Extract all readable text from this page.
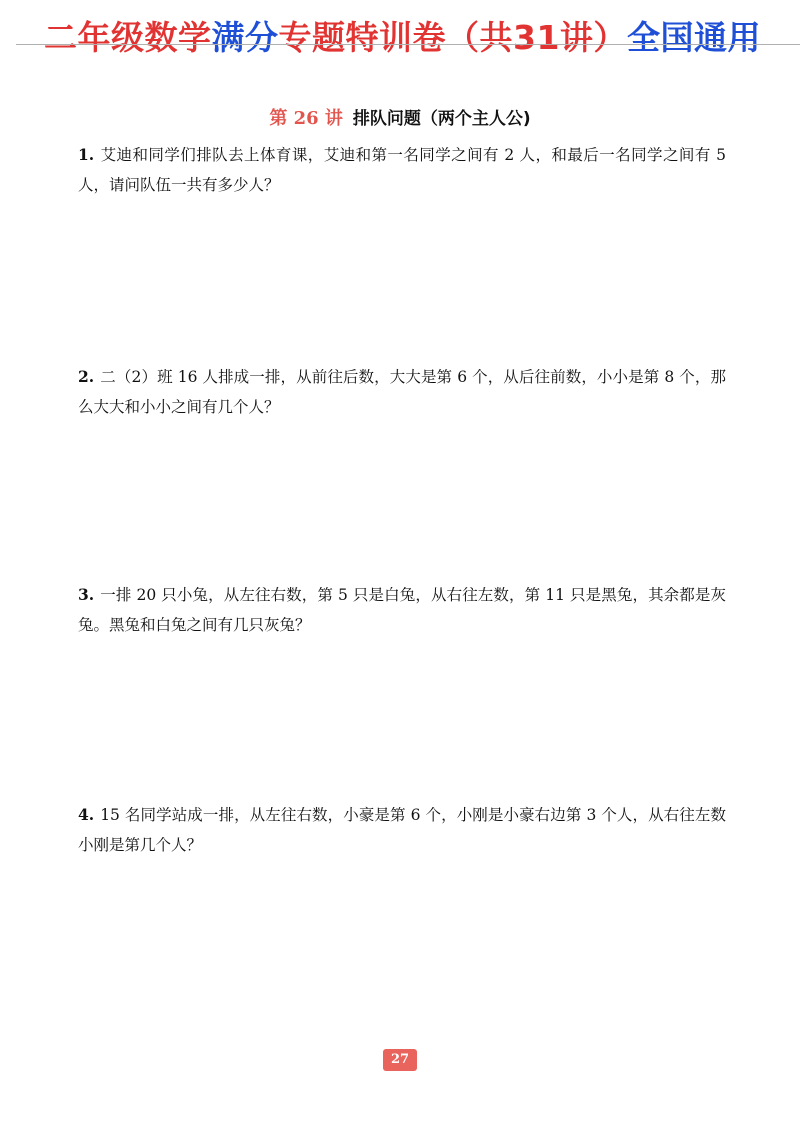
二年级数学满分专题特训卷（共31讲）全国通用
第 26 讲 排队问题（两个主人公)
1. 艾迪和同学们排队去上体育课，艾迪和第一名同学之间有 2 人，和最后一名同学之间有 5 人，请问队伍一共有多少人？
2. 二（2）班 16 人排成一排，从前往后数，大大是第 6 个，从后往前数，小小是第 8 个，那么大大和小小之间有几个人？
3. 一排 20 只小兔，从左往右数，第 5 只是白兔，从右往左数，第 11 只是黑兔，其余都是灰兔。黑兔和白兔之间有几只灰兔？
4. 15 名同学站成一排，从左往右数，小豪是第 6 个，小刚是小豪右边第 3 个人，从右往左数小刚是第几个人？
27
